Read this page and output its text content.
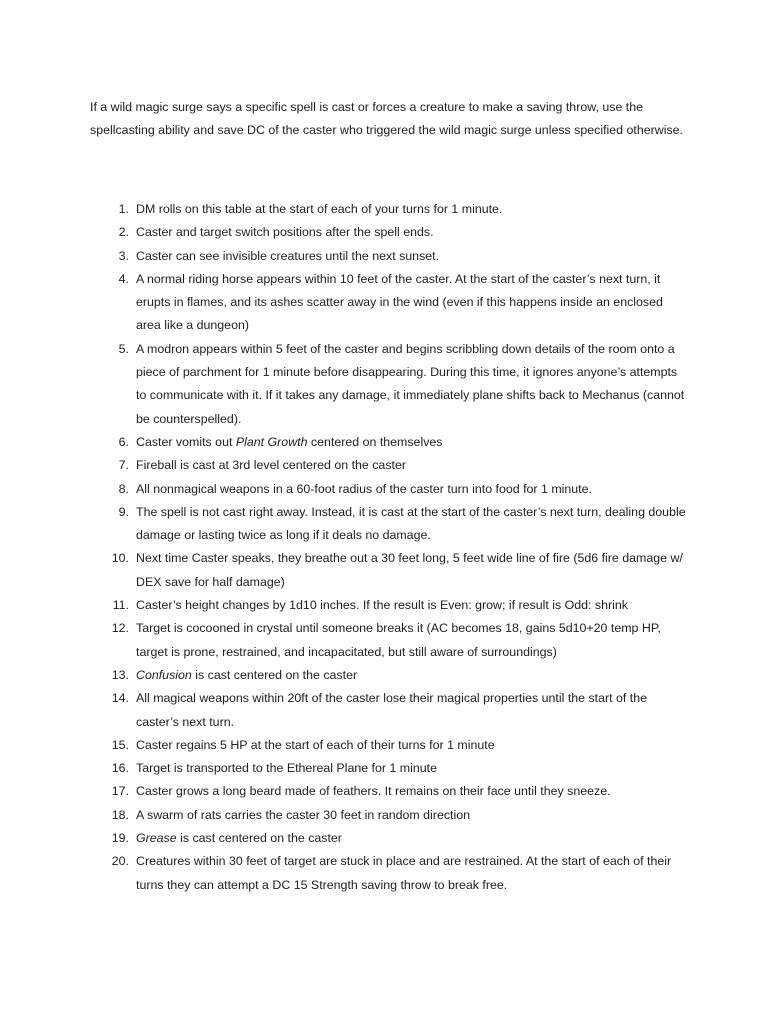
If a wild magic surge says a specific spell is cast or forces a creature to make a saving throw, use the spellcasting ability and save DC of the caster who triggered the wild magic surge unless specified otherwise.

1. DM rolls on this table at the start of each of your turns for 1 minute.
2. Caster and target switch positions after the spell ends.
3. Caster can see invisible creatures until the next sunset.
4. A normal riding horse appears within 10 feet of the caster. At the start of the caster’s next turn, it erupts in flames, and its ashes scatter away in the wind (even if this happens inside an enclosed area like a dungeon)
5. A modron appears within 5 feet of the caster and begins scribbling down details of the room onto a piece of parchment for 1 minute before disappearing. During this time, it ignores anyone’s attempts to communicate with it. If it takes any damage, it immediately plane shifts back to Mechanus (cannot be counterspelled).
6. Caster vomits out Plant Growth centered on themselves
7. Fireball is cast at 3rd level centered on the caster
8. All nonmagical weapons in a 60-foot radius of the caster turn into food for 1 minute.
9. The spell is not cast right away. Instead, it is cast at the start of the caster’s next turn, dealing double damage or lasting twice as long if it deals no damage.
10. Next time Caster speaks, they breathe out a 30 feet long, 5 feet wide line of fire (5d6 fire damage w/ DEX save for half damage)
11. Caster’s height changes by 1d10 inches. If the result is Even: grow; if result is Odd: shrink
12. Target is cocooned in crystal until someone breaks it (AC becomes 18, gains 5d10+20 temp HP, target is prone, restrained, and incapacitated, but still aware of surroundings)
13. Confusion is cast centered on the caster
14. All magical weapons within 20ft of the caster lose their magical properties until the start of the caster’s next turn.
15. Caster regains 5 HP at the start of each of their turns for 1 minute
16. Target is transported to the Ethereal Plane for 1 minute
17. Caster grows a long beard made of feathers. It remains on their face until they sneeze.
18. A swarm of rats carries the caster 30 feet in random direction
19. Grease is cast centered on the caster
20. Creatures within 30 feet of target are stuck in place and are restrained. At the start of each of their turns they can attempt a DC 15 Strength saving throw to break free.
